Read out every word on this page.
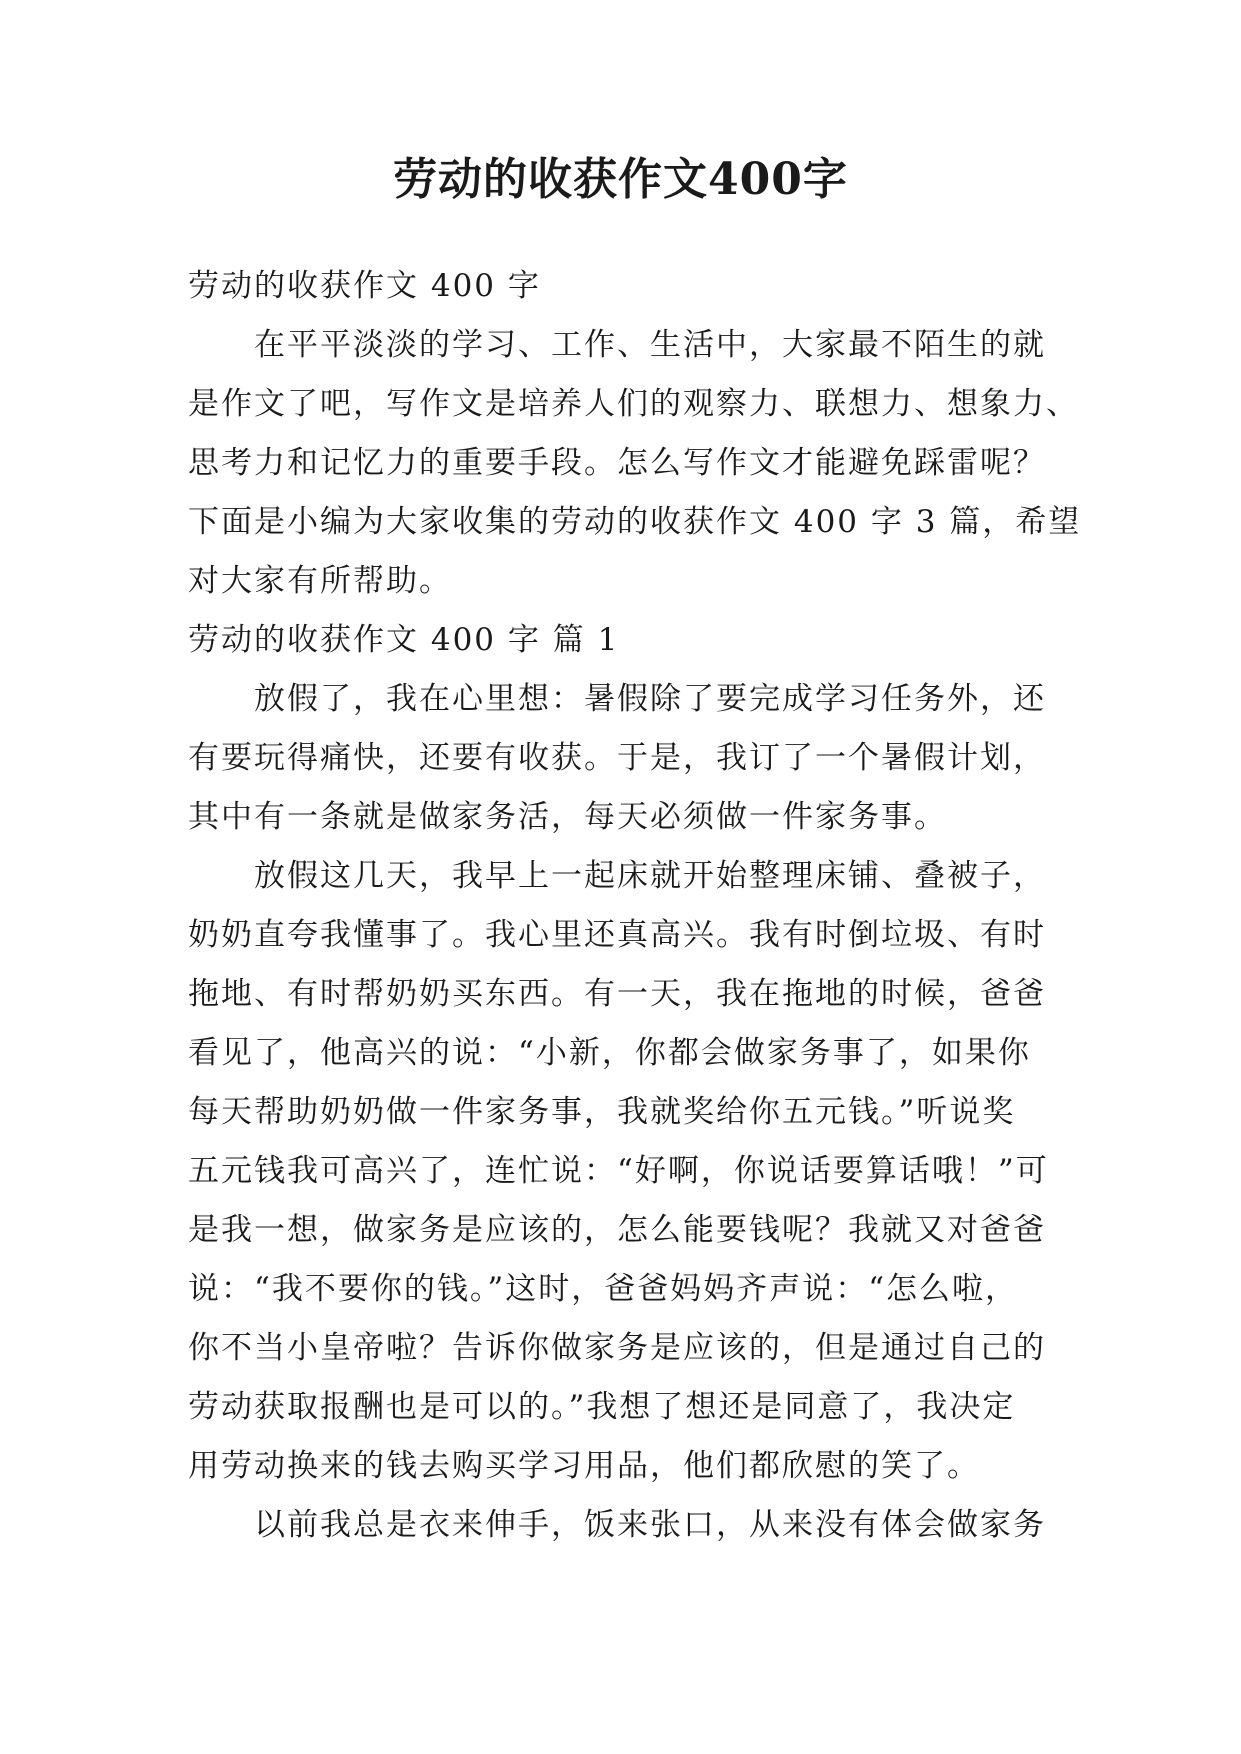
劳动的收获作文400字
劳动的收获作文 400 字
在平平淡淡的学习、工作、生活中，大家最不陌生的就
是作文了吧，写作文是培养人们的观察力、联想力、想象力、
思考力和记忆力的重要手段。怎么写作文才能避免踩雷呢？
下面是小编为大家收集的劳动的收获作文 400 字 3 篇，希望
对大家有所帮助。
劳动的收获作文 400 字 篇 1
放假了，我在心里想：暑假除了要完成学习任务外，还
有要玩得痛快，还要有收获。于是，我订了一个暑假计划，
其中有一条就是做家务活，每天必须做一件家务事。
放假这几天，我早上一起床就开始整理床铺、叠被子，
奶奶直夸我懂事了。我心里还真高兴。我有时倒垃圾、有时
拖地、有时帮奶奶买东西。有一天，我在拖地的时候，爸爸
看见了，他高兴的说：“小新，你都会做家务事了，如果你
每天帮助奶奶做一件家务事，我就奖给你五元钱。”听说奖
五元钱我可高兴了，连忙说：“好啊，你说话要算话哦！”可
是我一想，做家务是应该的，怎么能要钱呢？我就又对爸爸
说：“我不要你的钱。”这时，爸爸妈妈齐声说：“怎么啦，
你不当小皇帝啦？告诉你做家务是应该的，但是通过自己的
劳动获取报酬也是可以的。”我想了想还是同意了，我决定
用劳动换来的钱去购买学习用品，他们都欣慰的笑了。
以前我总是衣来伸手，饭来张口，从来没有体会做家务
